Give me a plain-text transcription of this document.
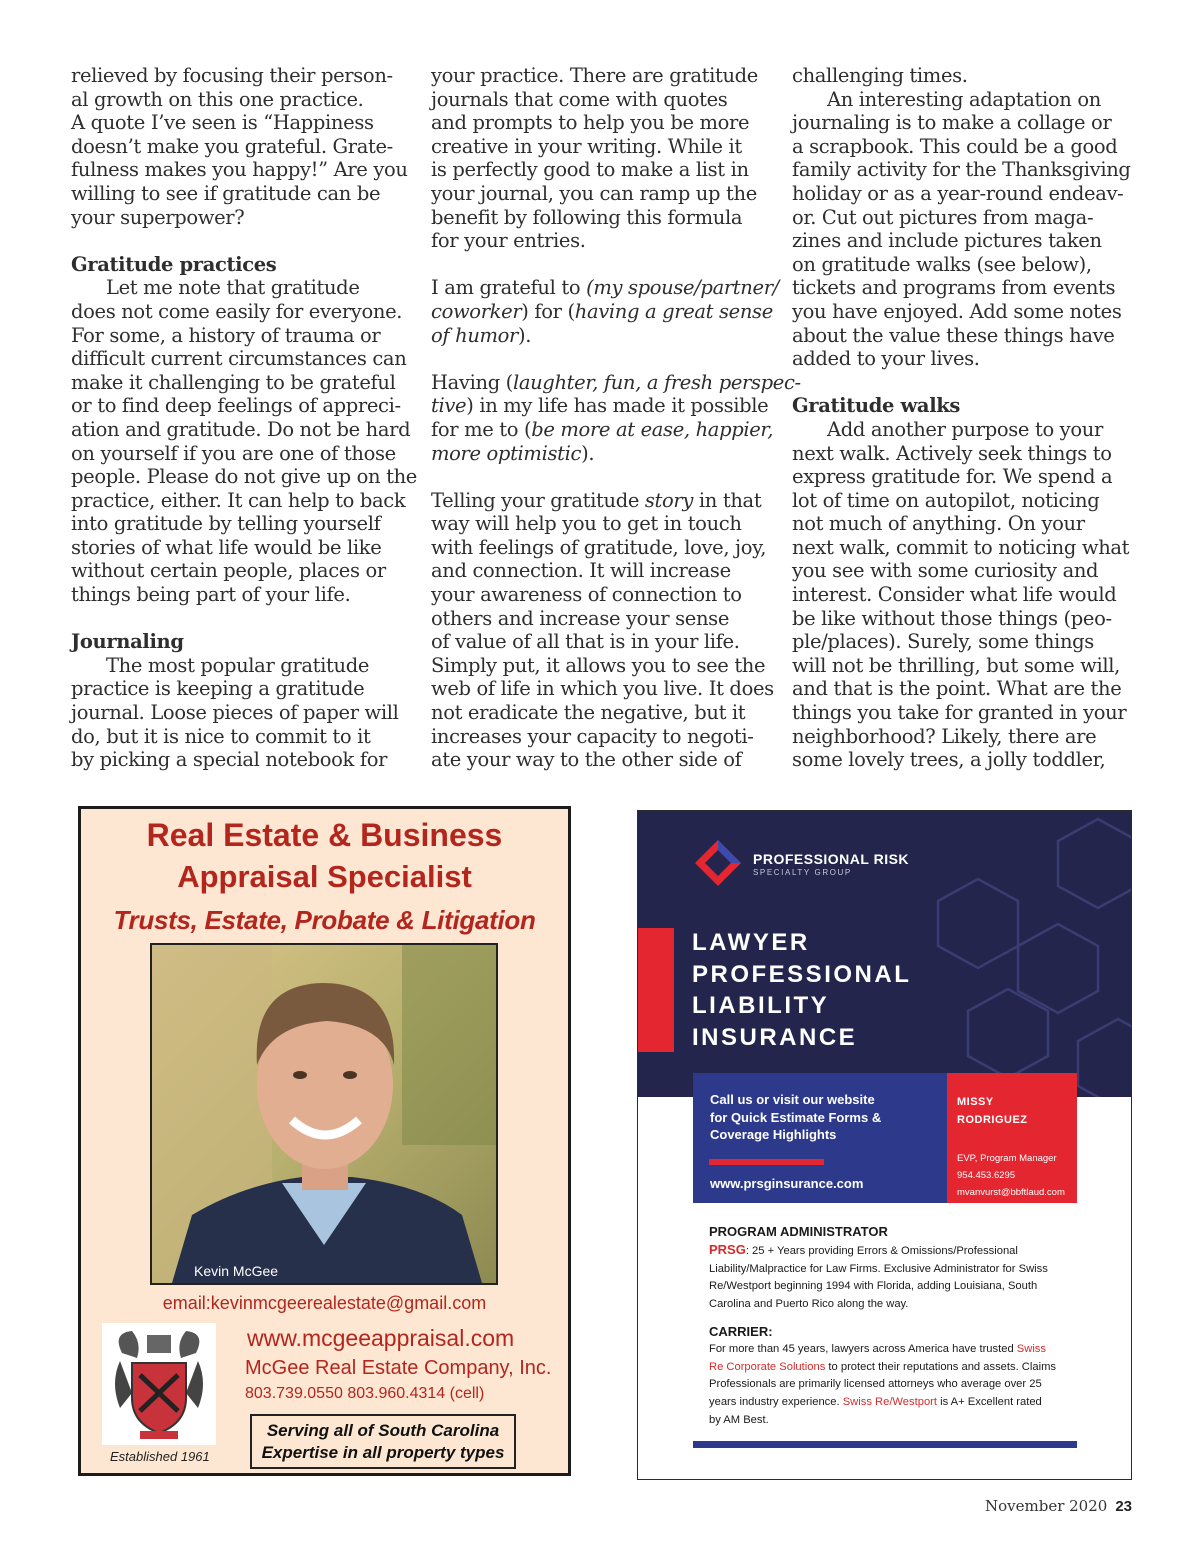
relieved by focusing their person-

al growth on this one practice.

A quote I’ve seen is “Happiness

doesn’t make you grateful. Grate-

fulness makes you happy!” Are you

willing to see if gratitude can be

your superpower?

Gratitude practices

Let me note that gratitude

does not come easily for everyone.

For some, a history of trauma or

difficult current circumstances can

make it challenging to be grateful

or to find deep feelings of appreci-

ation and gratitude. Do not be hard

on yourself if you are one of those

people. Please do not give up on the

practice, either. It can help to back

into gratitude by telling yourself

stories of what life would be like

without certain people, places or

things being part of your life.

Journaling

The most popular gratitude

practice is keeping a gratitude

journal. Loose pieces of paper will

do, but it is nice to commit to it

by picking a special notebook for

your practice. There are gratitude

journals that come with quotes

and prompts to help you be more

creative in your writing. While it

is perfectly good to make a list in

your journal, you can ramp up the

benefit by following this formula

for your entries.

I am grateful to (my spouse/partner/

coworker) for (having a great sense

of humor).

Having (laughter, fun, a fresh perspec-

tive) in my life has made it possible

for me to (be more at ease, happier,

more optimistic).

Telling your gratitude story in that

way will help you to get in touch

with feelings of gratitude, love, joy,

and connection. It will increase

your awareness of connection to

others and increase your sense

of value of all that is in your life.

Simply put, it allows you to see the

web of life in which you live. It does

not eradicate the negative, but it

increases your capacity to negoti-

ate your way to the other side of

challenging times.

An interesting adaptation on

journaling is to make a collage or

a scrapbook. This could be a good

family activity for the Thanksgiving

holiday or as a year-round endeav-

or. Cut out pictures from maga-

zines and include pictures taken

on gratitude walks (see below),

tickets and programs from events

you have enjoyed. Add some notes

about the value these things have

added to your lives.

Gratitude walks

Add another purpose to your

next walk. Actively seek things to

express gratitude for. We spend a

lot of time on autopilot, noticing

not much of anything. On your

next walk, commit to noticing what

you see with some curiosity and

interest. Consider what life would

be like without those things (peo-

ple/places). Surely, some things

will not be thrilling, but some will,

and that is the point. What are the

things you take for granted in your

neighborhood? Likely, there are

some lovely trees, a jolly toddler,

Real Estate & Business
Appraisal Specialist
Trusts, Estate, Probate & Litigation
Kevin McGee
email:kevinmcgeerealestate@gmail.com
Established 1961
www.mcgeeappraisal.com
McGee Real Estate Company, Inc.
803.739.0550 803.960.4314 (cell)
Serving all of South Carolina
Expertise in all property types
PROFESSIONAL RISK
SPECIALTY GROUP
LAWYER
PROFESSIONAL
LIABILITY
INSURANCE
Call us or visit our website
for Quick Estimate Forms &
Coverage Highlights
www.prsginsurance.com
MISSY
RODRIGUEZ
EVP, Program Manager
954.453.6295
mvanvurst@bbftlaud.com
PROGRAM ADMINISTRATOR
PRSG: 25 + Years providing Errors & Omissions/Professional
Liability/Malpractice for Law Firms. Exclusive Administrator for Swiss
Re/Westport beginning 1994 with Florida, adding Louisiana, South
Carolina and Puerto Rico along the way.
CARRIER:
For more than 45 years, lawyers across America have trusted Swiss
Re Corporate Solutions to protect their reputations and assets. Claims
Professionals are primarily licensed attorneys who average over 25
years industry experience. Swiss Re/Westport is A+ Excellent rated
by AM Best.
November 2020 23
